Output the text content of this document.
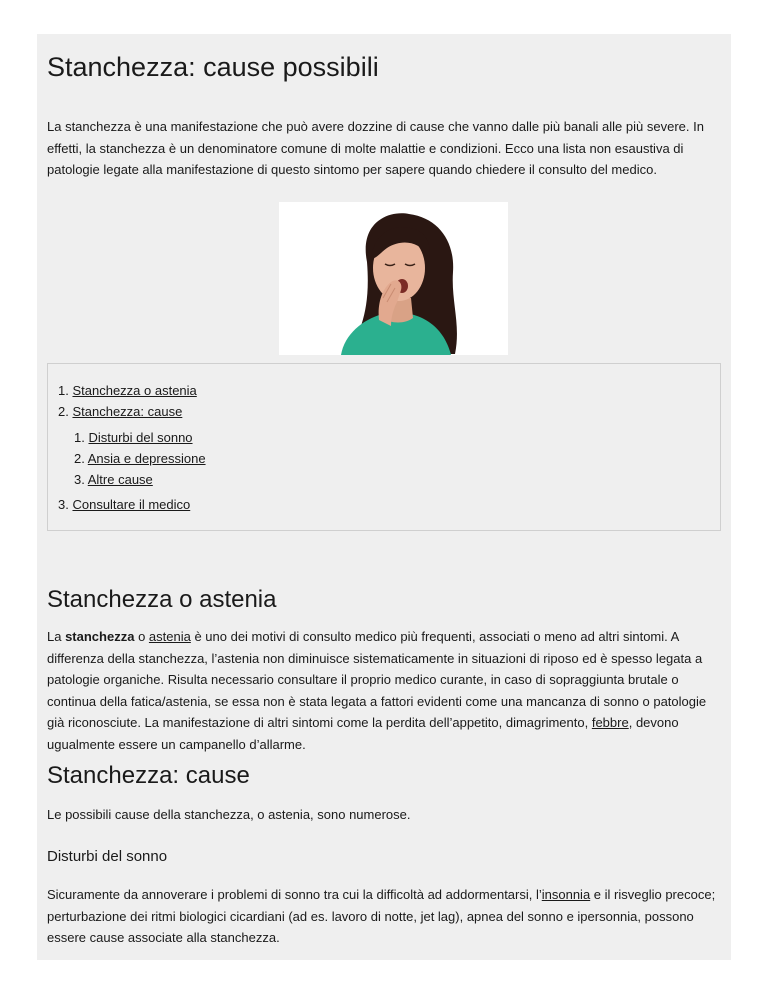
Stanchezza: cause possibili

La stanchezza è una manifestazione che può avere dozzine di cause che vanno dalle più banali alle più severe. In effetti, la stanchezza è un denominatore comune di molte malattie e condizioni. Ecco una lista non esaustiva di patologie legate alla manifestazione di questo sintomo per sapere quando chiedere il consulto del medico.

1. Stanchezza o astenia
2. Stanchezza: cause
1. Disturbi del sonno
2. Ansia e depressione
3. Altre cause
3. Consultare il medico
Stanchezza o astenia

La stanchezza o astenia è uno dei motivi di consulto medico più frequenti, associati o meno ad altri sintomi. A differenza della stanchezza, l’astenia non diminuisce sistematicamente in situazioni di riposo ed è spesso legata a patologie organiche. Risulta necessario consultare il proprio medico curante, in caso di sopraggiunta brutale o continua della fatica/astenia, se essa non è stata legata a fattori evidenti come una mancanza di sonno o patologie già riconosciute. La manifestazione di altri sintomi come la perdita dell’appetito, dimagrimento, febbre, devono ugualmente essere un campanello d’allarme.

Stanchezza: cause

Le possibili cause della stanchezza, o astenia, sono numerose.

Disturbi del sonno

Sicuramente da annoverare i problemi di sonno tra cui la difficoltà ad addormentarsi, l’insonnia e il risveglio precoce; perturbazione dei ritmi biologici cicardiani (ad es. lavoro di notte, jet lag), apnea del sonno e ipersonnia, possono essere cause associate alla stanchezza.
